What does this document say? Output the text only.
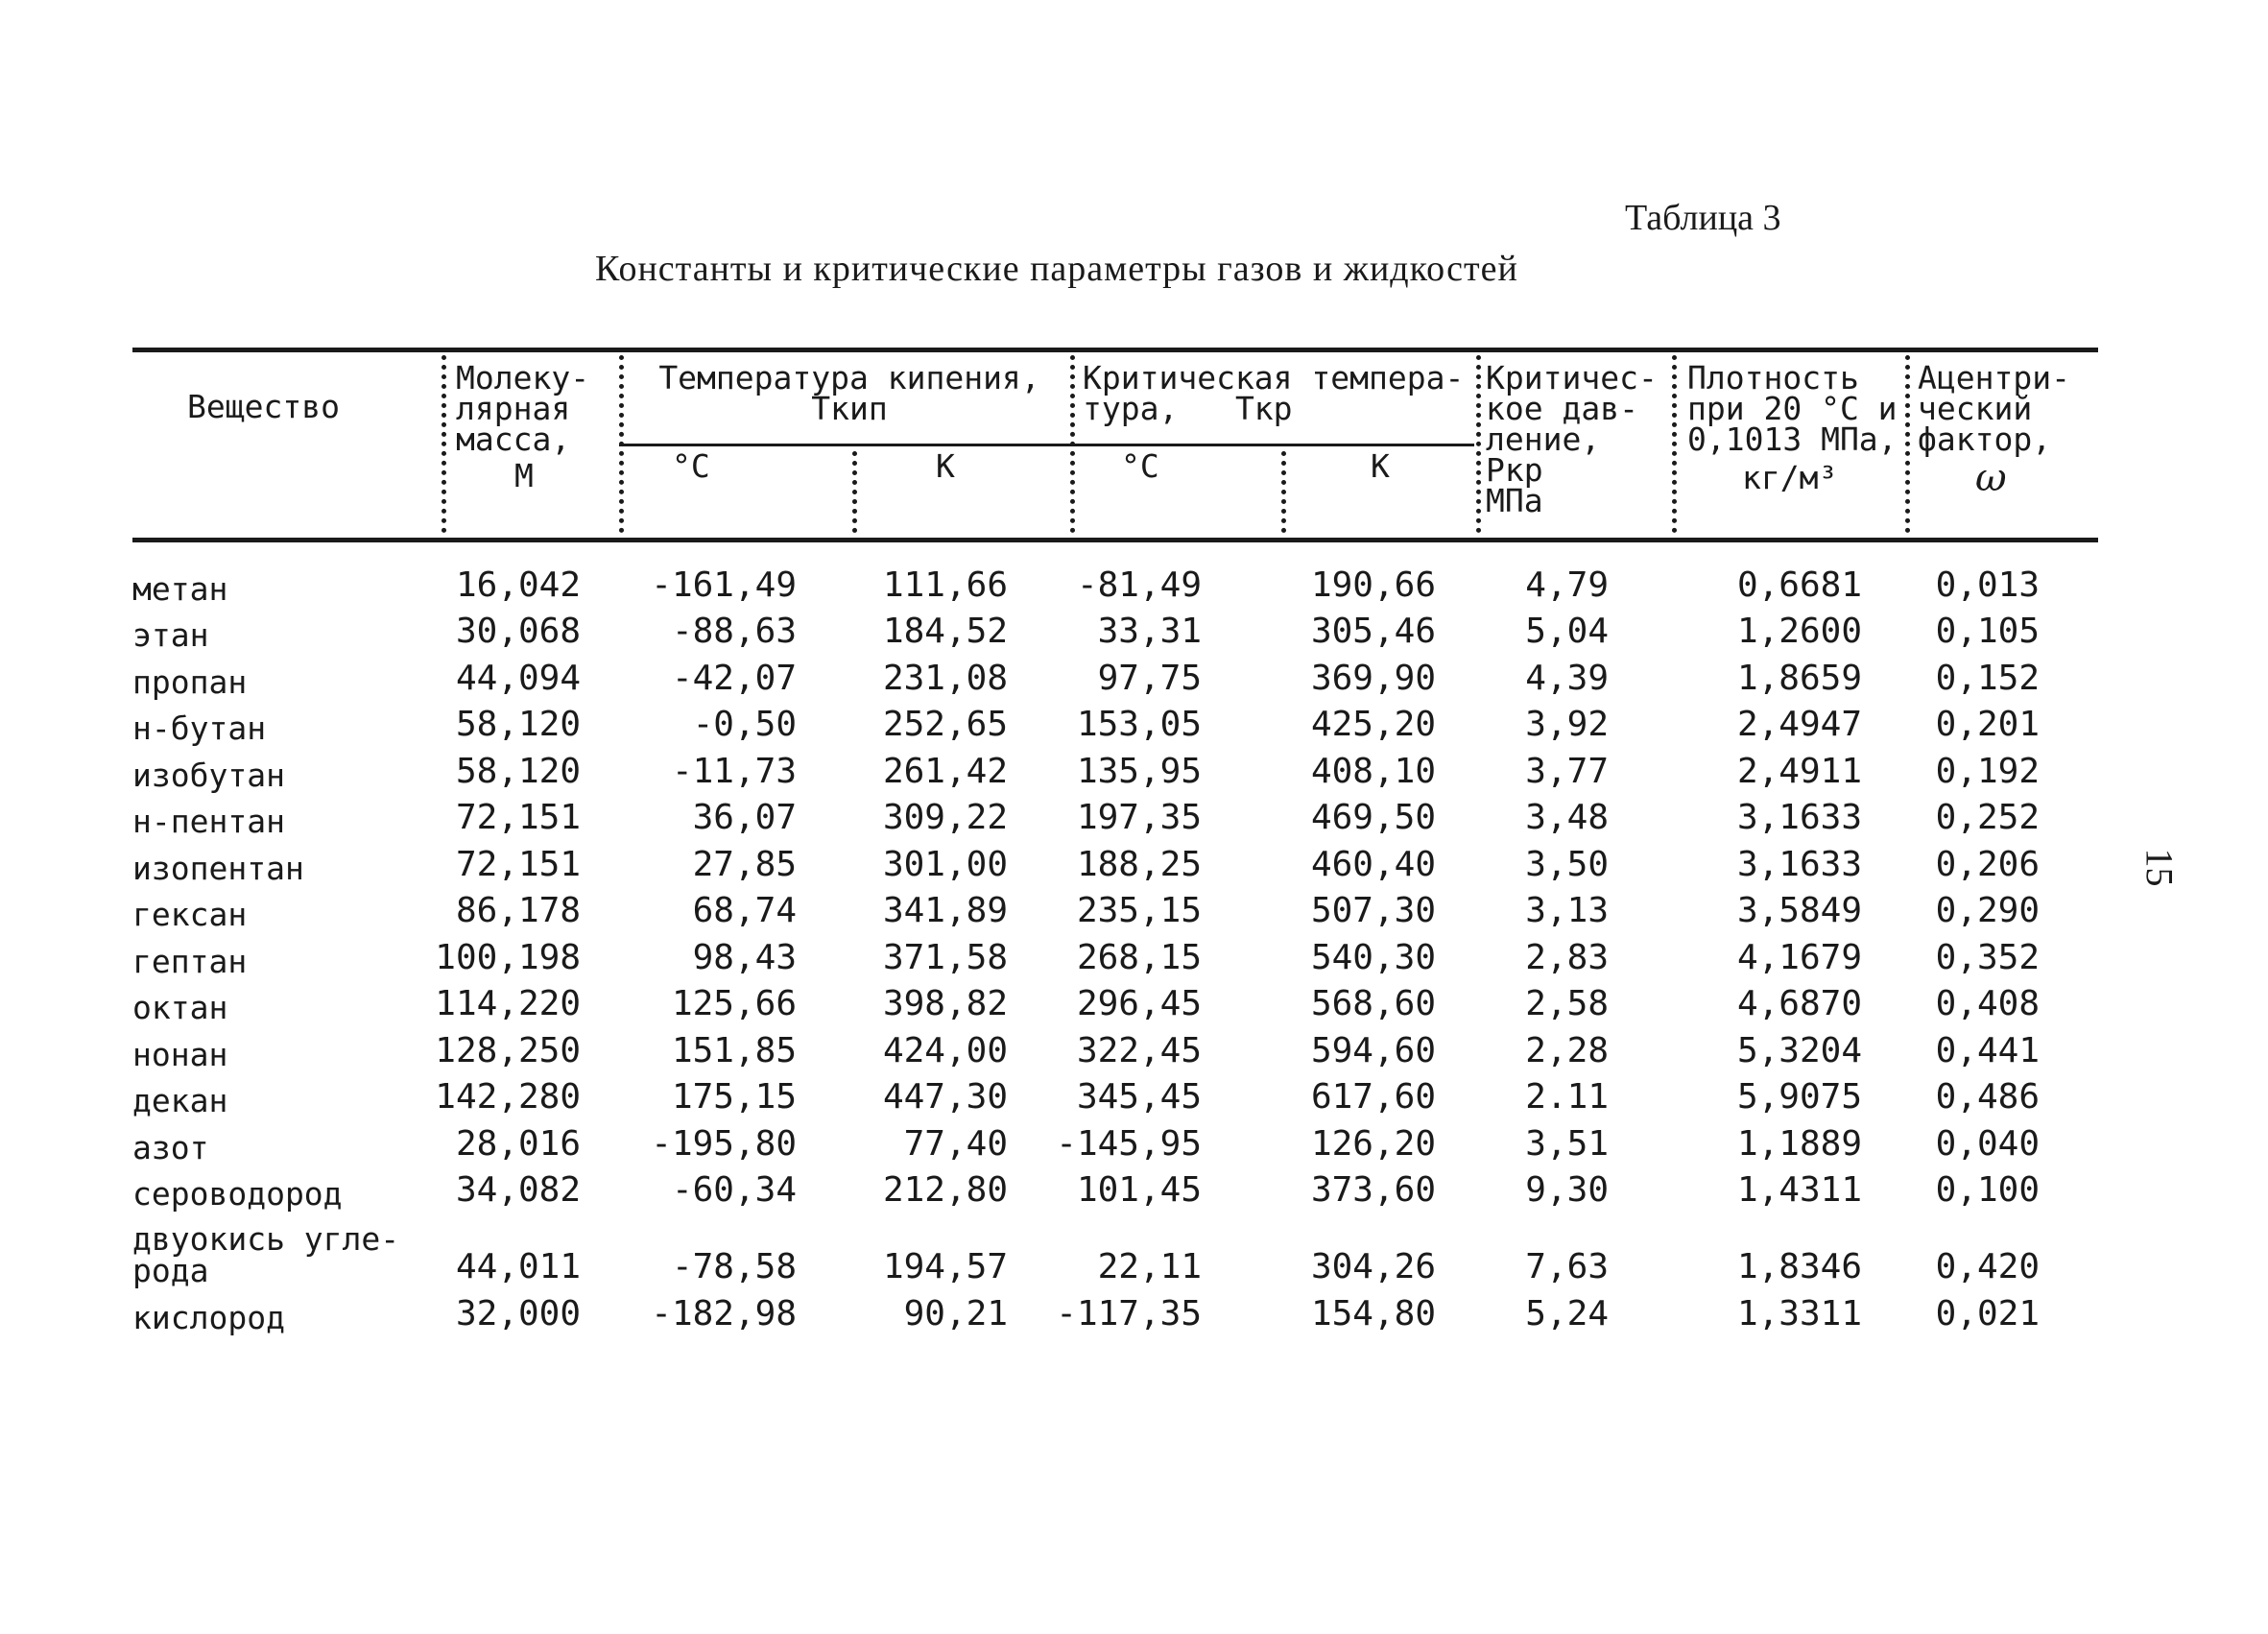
Таблица 3
Константы и критические параметры газов и жидкостей
Вещество
Молеку-
лярная
масса,
М
Температура кипения,
Ткип
°С	К
Критическая темпера-
тура,   Ткр
°С	К
Критичес-
кое дав-
ление,
Ркр
МПа
Плотность
при 20 °С и
0,1013 МПа,
кг/м³
Ацентри-
ческий
фактор,
ω
метан	16,042 -161,49 111,66 -81,49	190,66	4,79	0,6681 0,013
этан	30,068	-88,63 184,52	33,31	305,46	5,04	1,2600 0,105
пропан	44,094	-42,07 231,08	97,75	369,90	4,39	1,8659 0,152
н-бутан	58,120	-0,50 252,65 153,05	425,20	3,92	2,4947 0,201
изобутан	58,120	-11,73 261,42 135,95	408,10	3,77	2,4911 0,192
н-пентан	72,151	36,07 309,22 197,35	469,50	3,48	3,1633 0,252
изопентан	72,151	27,85 301,00 188,25	460,40	3,50	3,1633 0,206
гексан	86,178	68,74 341,89 235,15	507,30	3,13	3,5849 0,290
гептан	100,198	98,43 371,58 268,15	540,30	2,83	4,1679 0,352
октан	114,220	125,66 398,82 296,45	568,60	2,58	4,6870 0,408
нонан	128,250	151,85 424,00 322,45	594,60	2,28	5,3204 0,441
декан	142,280	175,15 447,30 345,45	617,60	2.11	5,9075 0,486
азот	28,016 -195,80	77,40 -145,95	126,20	3,51	1,1889 0,040
сероводород	34,082	-60,34 212,80 101,45	373,60	9,30	1,4311 0,100
двуокись угле-
рода	44,011	-78,58 194,57	22,11	304,26	7,63	1,8346 0,420
кислород	32,000 -182,98	90,21 -117,35	154,80	5,24	1,3311 0,021
15
